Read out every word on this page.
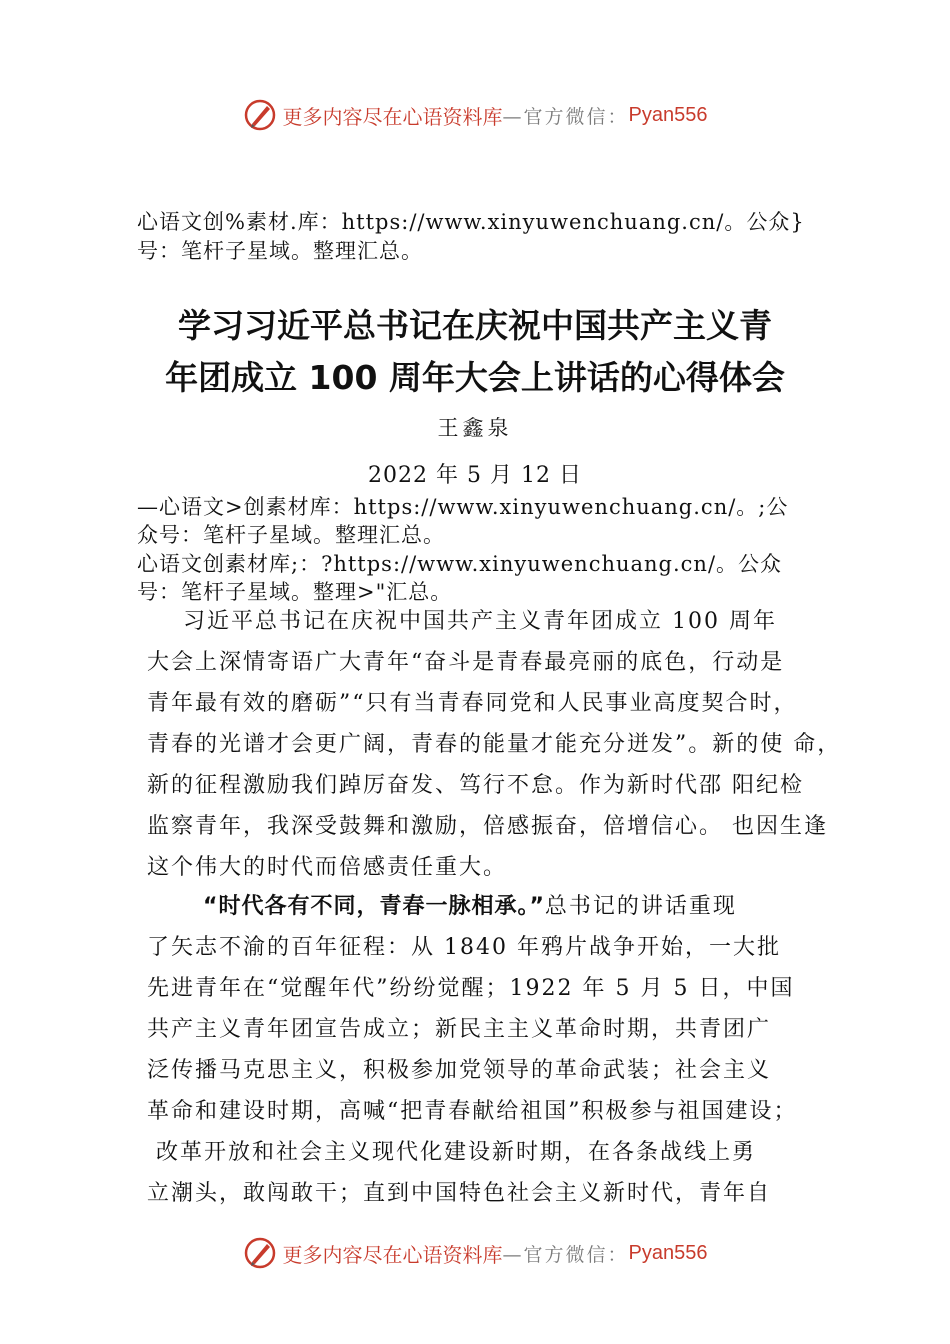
更多内容尽在心语资料库 —官方微信： Pyan556
心语文创%素材.库：https://www.xinyuwenchuang.cn/。公众}
号：笔杆子星域。整理汇总。
学习习近平总书记在庆祝中国共产主义青
年团成立 100 周年大会上讲话的心得体会
王鑫泉
2022 年 5 月 12 日
—心语文>创素材库：https://www.xinyuwenchuang.cn/。;公
众号：笔杆子星域。整理汇总。
心语文创素材库;：?https://www.xinyuwenchuang.cn/。公众
号：笔杆子星域。整理>"汇总。
习近平总书记在庆祝中国共产主义青年团成立 100 周年
大会上深情寄语广大青年“奋斗是青春最亮丽的底色，行动是
青年最有效的磨砺”“只有当青春同党和人民事业高度契合时，
青春的光谱才会更广阔，青春的能量才能充分迸发”。新的使 命，
新的征程激励我们踔厉奋发、笃行不怠。作为新时代邵 阳纪检
监察青年，我深受鼓舞和激励，倍感振奋，倍增信心。 也因生逢
这个伟大的时代而倍感责任重大。
“时代各有不同，青春一脉相承。”总书记的讲话重现
了矢志不渝的百年征程：从 1840 年鸦片战争开始，一大批
先进青年在“觉醒年代”纷纷觉醒；1922 年 5 月 5 日，中国
共产主义青年团宣告成立；新民主主义革命时期，共青团广
泛传播马克思主义，积极参加党领导的革命武装；社会主义
革命和建设时期，高喊“把青春献给祖国”积极参与祖国建设；
改革开放和社会主义现代化建设新时期，在各条战线上勇
立潮头，敢闯敢干；直到中国特色社会主义新时代，青年自
更多内容尽在心语资料库 —官方微信： Pyan556
